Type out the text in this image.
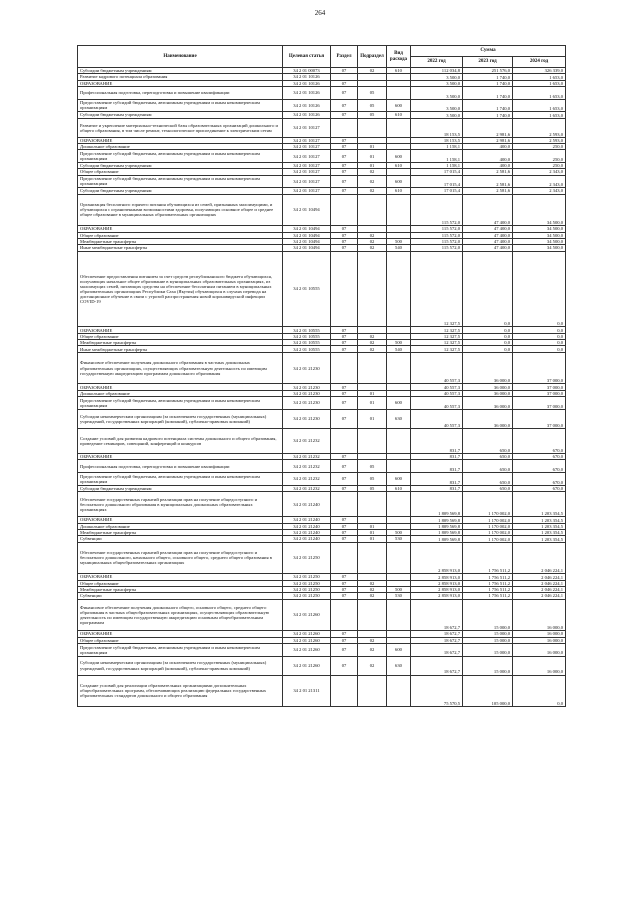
264
Наименование	Целевая статья	Раздел	Подраздел	Вид расхода	Сумма		
					2022 год	2023 год	2024 год
Субсидии бюджетным учреждениям	34 2 01 00073	07	02	610	112 034,8	251 576,0	326 339,0
Развитие кадрового потенциала образования	34 2 01 10126				3 500,0	1 740,0	1 653,0
ОБРАЗОВАНИЕ	34 2 01 10126	07			3 500,0	1 740,0	1 653,0
Профессиональная подготовка, переподготовка и повышение квалификации	34 2 01 10126	07	05		3 500,0	1 740,0	1 653,0
Предоставление субсидий бюджетным, автономным учреждениям и иным некоммерческим организациям	34 2 01 10126	07	05	600	3 500,0	1 740,0	1 653,0
Субсидии бюджетным учреждениям	34 2 01 10126	07	05	610	3 500,0	1 740,0	1 653,0
Развитие и укрепление материально-технической базы образовательных организаций дошкольного и общего образования, в том числе ремонт, технологическое присоединение к электрическим сетям	34 2 01 10127				18 153,5	2 981,6	2 593,0
ОБРАЗОВАНИЕ	34 2 01 10127	07			18 153,5	2 981,6	2 593,0
Дошкольное образование	34 2 01 10127	07	01		1 158,1	400,0	250,0
Предоставление субсидий бюджетным, автономным учреждениям и иным некоммерческим организациям	34 2 01 10127	07	01	600	1 158,1	400,0	250,0
Субсидии бюджетным учреждениям	34 2 01 10127	07	01	610	1 158,1	400,0	250,0
Общее образование	34 2 01 10127	07	02		17 015,4	2 581,6	2 343,0
Предоставление субсидий бюджетным, автономным учреждениям и иным некоммерческим организациям	34 2 01 10127	07	02	600	17 015,4	2 581,6	2 343,0
Субсидии бюджетным учреждениям	34 2 01 10127	07	02	610	17 015,4	2 581,6	2 343,0
Организация бесплатного горячего питания обучающихся из семей, признанных малоимущими, и обучающихся с ограниченными возможностями здоровья, получающих основное общее и среднее общее образование в муниципальных образовательных организациях	34 2 01 10494				115 572,0	47 400,0	34 500,0
ОБРАЗОВАНИЕ	34 2 01 10494	07			115 572,0	47 400,0	34 500,0
Общее образование	34 2 01 10494	07	02		115 572,0	47 400,0	34 500,0
Межбюджетные трансферты	34 2 01 10494	07	02	500	115 572,0	47 400,0	34 500,0
Иные межбюджетные трансферты	34 2 01 10494	07	02	540	115 572,0	47 400,0	34 500,0
Обеспечение предоставления питанием за счет средств республиканского бюджета обучающихся, получающих начальное общее образование в муниципальных образовательных организациях, из малоимущих семей, питающих средства на обеспечение бесплатным питанием в муниципальных образовательных организациях Республики Саха (Якутия) обучающихся в случаях перевода на дистанционное обучение в связи с угрозой распространения новой коронавирусной инфекции COVID-19	34 2 01 10555				12 327,5	0,0	0,0
ОБРАЗОВАНИЕ	34 2 01 10555	07			12 327,5	0,0	0,0
Общее образование	34 2 01 10555	07	02		12 327,5	0,0	0,0
Межбюджетные трансферты	34 2 01 10555	07	02	500	12 327,5	0,0	0,0
Иные межбюджетные трансферты	34 2 01 10555	07	02	540	12 327,5	0,0	0,0
Финансовое обеспечение получения дошкольного образования в частных дошкольных образовательных организациях, осуществляющих образовательную деятельность по имеющим государственную аккредитацию программам дошкольного образования	34 2 01 21230				40 557,3	36 000,0	37 000,0
ОБРАЗОВАНИЕ	34 2 01 21230	07			40 557,3	36 000,0	37 000,0
Дошкольное образование	34 2 01 21230	07	01		40 557,3	36 000,0	37 000,0
Предоставление субсидий бюджетным, автономным учреждениям и иным некоммерческим организациям	34 2 01 21230	07	01	600	40 557,3	36 000,0	37 000,0
Субсидии некоммерческим организациям (за исключением государственных (муниципальных) учреждений, государственных корпораций (компаний), публично-правовых компаний)	34 2 01 21230	07	01	630	40 557,3	36 000,0	37 000,0
Создание условий для развития кадрового потенциала системы дошкольного и общего образования, проведение семинаров, совещаний, конференций и конкурсов	34 2 01 21232				831,7	650,0	670,0
ОБРАЗОВАНИЕ	34 2 01 21232	07			831,7	650,0	670,0
Профессиональная подготовка, переподготовка и повышение квалификации	34 2 01 21232	07	05		831,7	650,0	670,0
Предоставление субсидий бюджетным, автономным учреждениям и иным некоммерческим организациям	34 2 01 21232	07	05	600	831,7	650,0	670,0
Субсидии бюджетным учреждениям	34 2 01 21232	07	05	610	831,7	650,0	670,0
Обеспечение государственных гарантий реализации прав на получение общедоступного и бесплатного дошкольного образования в муниципальных дошкольных образовательных организациях	34 2 01 21240				1 809 569,8	1 170 002,0	1 203 354,5
ОБРАЗОВАНИЕ	34 2 01 21240	07			1 809 569,8	1 170 002,0	1 203 354,5
Дошкольное образование	34 2 01 21240	07	01		1 809 569,8	1 170 002,0	1 203 354,5
Межбюджетные трансферты	34 2 01 21240	07	01	500	1 809 569,8	1 170 002,0	1 203 354,5
Субвенции	34 2 01 21240	07	01	530	1 809 569,8	1 170 002,0	1 203 354,5
Обеспечение государственных гарантий реализации прав на получение общедоступного и бесплатного дошкольного, начального общего, основного общего, среднего общего образования в муниципальных общеобразовательных организациях	34 2 01 21250				2 858 913,0	1 756 511,2	2 046 224,1
ОБРАЗОВАНИЕ	34 2 01 21250	07			2 858 913,0	1 756 511,2	2 046 224,1
Общее образование	34 2 01 21250	07	02		2 858 913,0	1 756 511,2	2 046 224,1
Межбюджетные трансферты	34 2 01 21250	07	02	500	2 858 913,0	1 756 511,2	2 046 224,1
Субвенции	34 2 01 21250	07	02	530	2 858 913,0	1 756 511,2	2 046 224,1
Финансовое обеспечение получения дошкольного общего, основного общего, среднего общего образования в частных общеобразовательных организациях, осуществляющих образовательную деятельность по имеющим государственную аккредитацию основным общеобразовательным программам	34 2 01 21260				18 672,7	15 000,0	16 000,0
ОБРАЗОВАНИЕ	34 2 01 21260	07			18 672,7	15 000,0	16 000,0
Общее образование	34 2 01 21260	07	02		18 672,7	15 000,0	16 000,0
Предоставление субсидий бюджетным, автономным учреждениям и иным некоммерческим организациям	34 2 01 21260	07	02	600	18 672,7	15 000,0	16 000,0
Субсидии некоммерческим организациям (за исключением государственных (муниципальных) учреждений, государственных корпораций (компаний), публично-правовых компаний)	34 2 01 21260	07	02	630	18 672,7	15 000,0	16 000,0
Создание условий для реализации образовательных организациями дополнительных общеобразовательных программ, обеспечивающих реализацию федеральных государственных образовательных стандартов дошкольного и общего образования	34 2 01 21311				75 570,5	105 000,0	0,0
